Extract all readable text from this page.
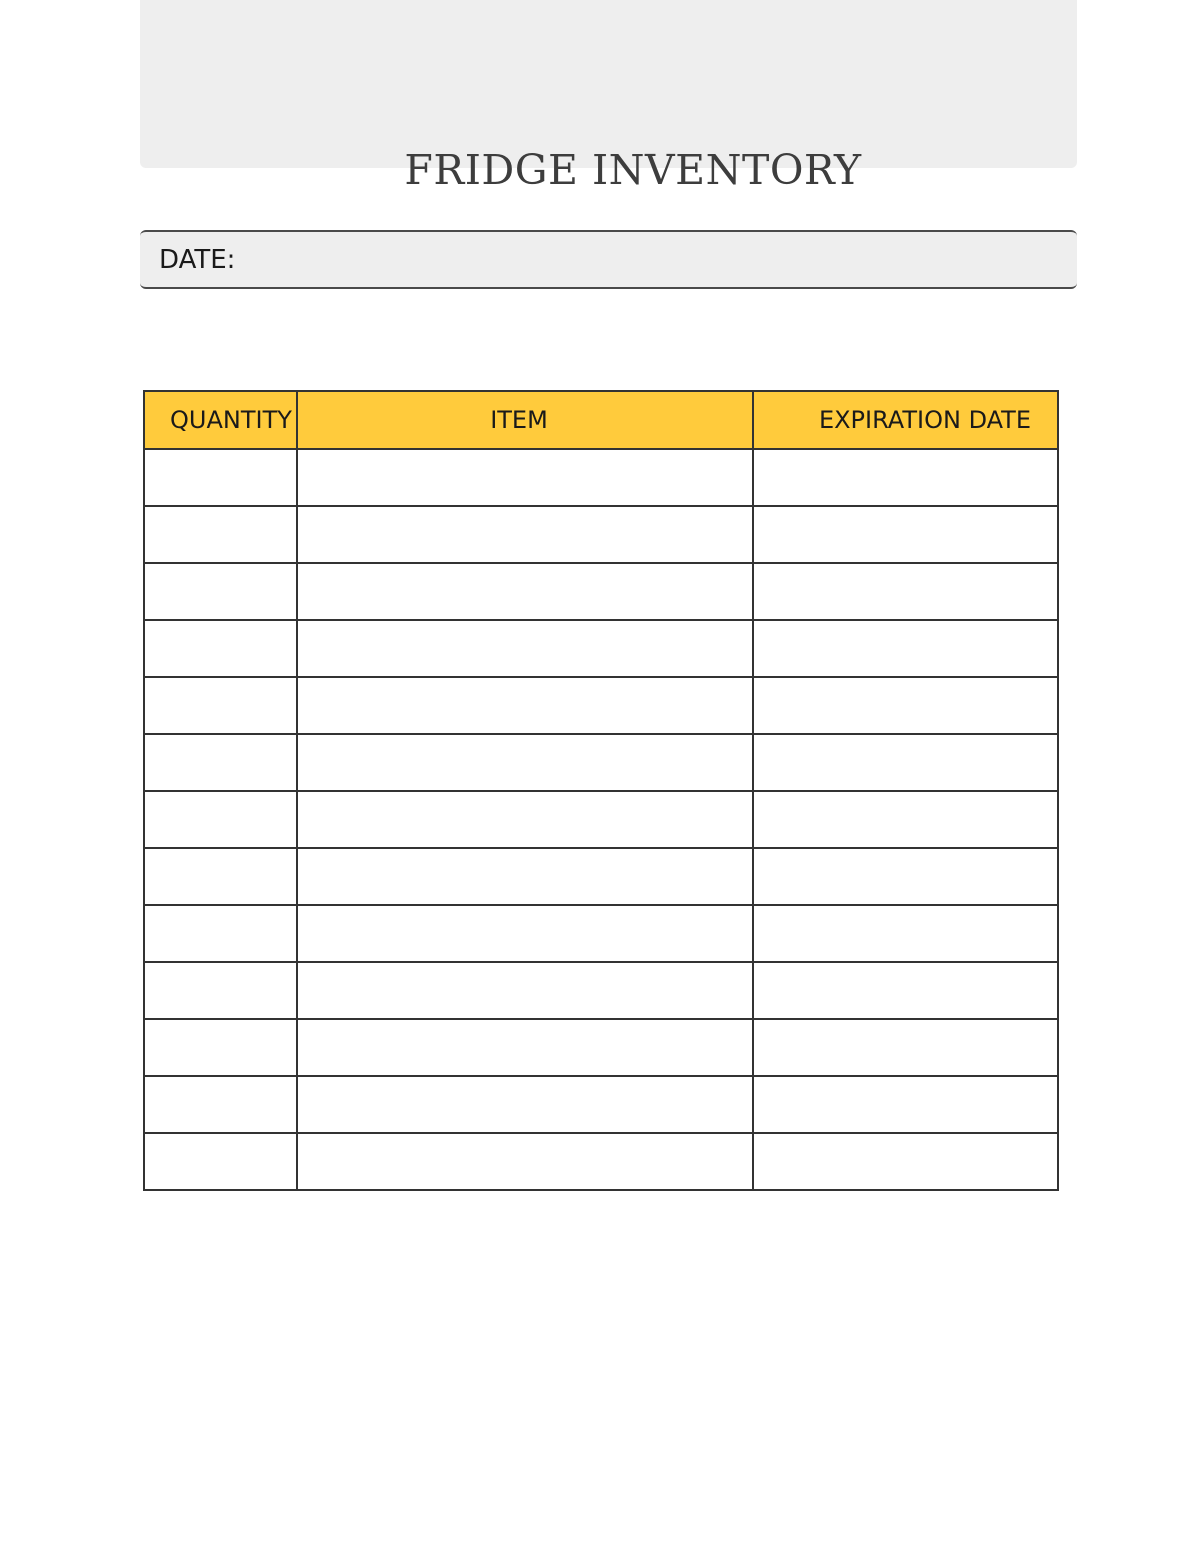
FRIDGE INVENTORY
DATE:
QUANTITY	ITEM	EXPIRATION DATE
